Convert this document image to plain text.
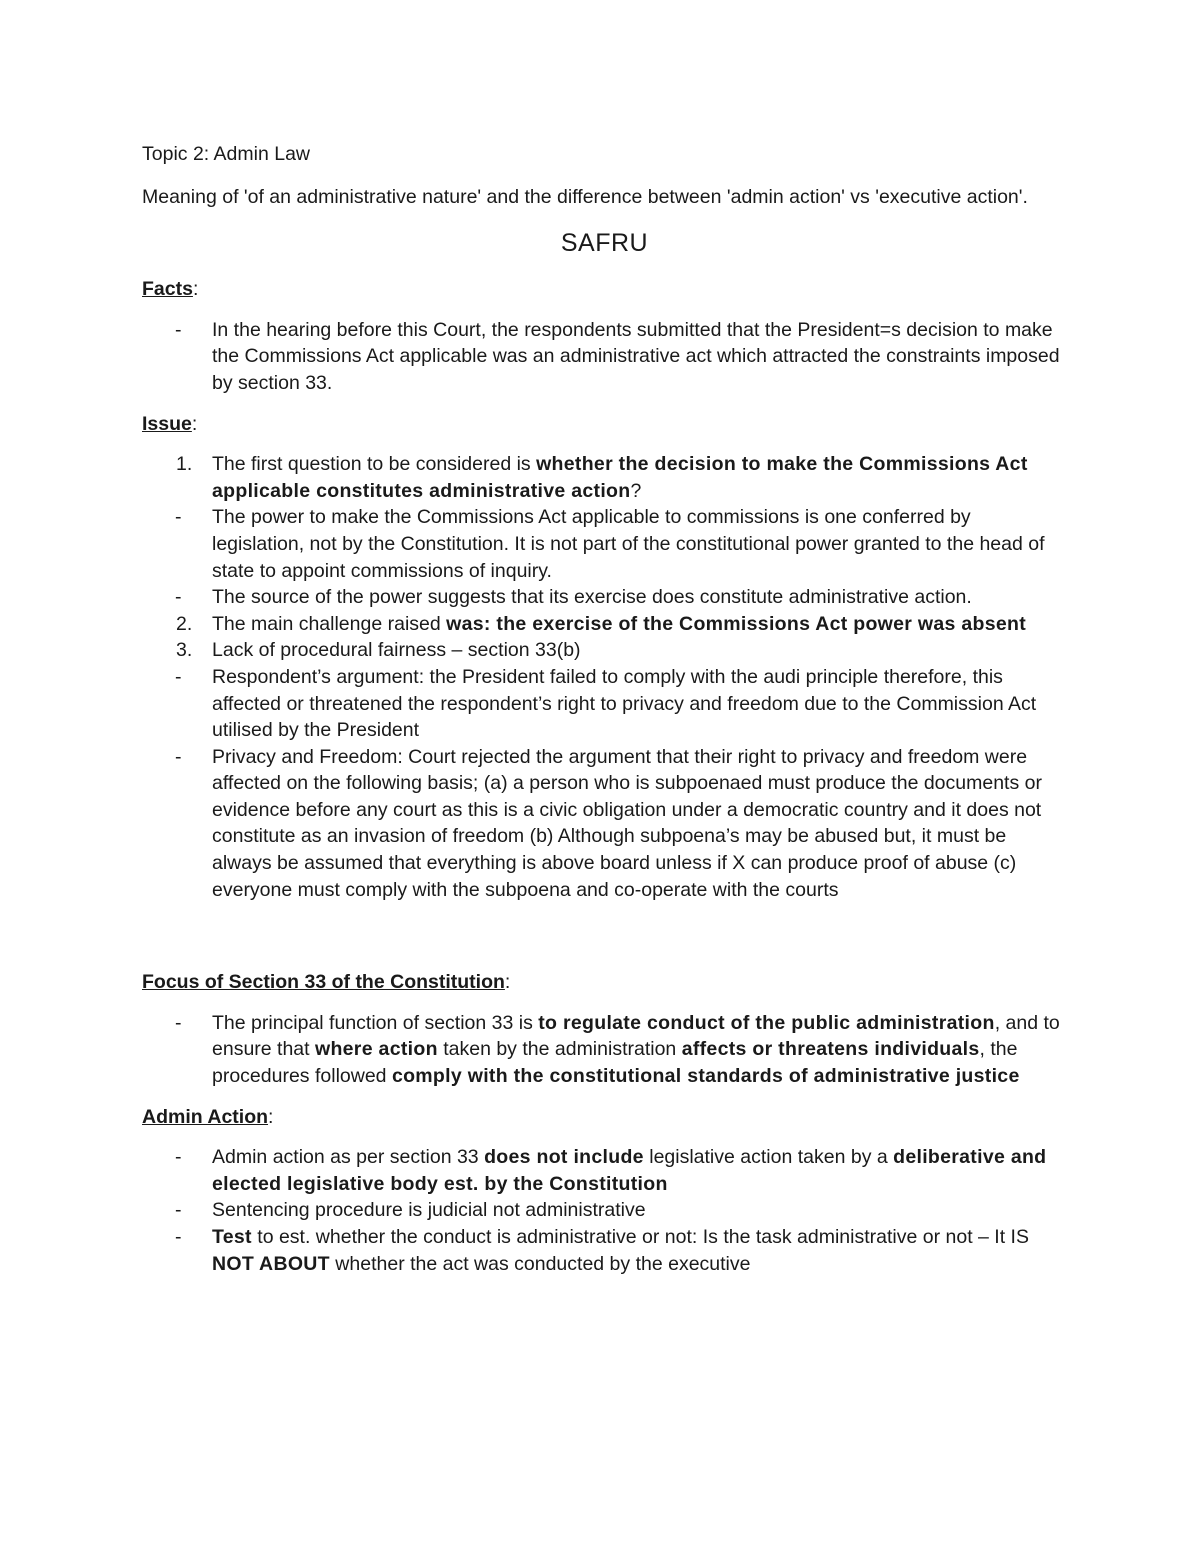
Topic 2: Admin Law

Meaning of 'of an administrative nature' and the difference between 'admin action' vs 'executive action'.

SAFRU

Facts:

-	In the hearing before this Court, the respondents submitted that the President=s decision to make the Commissions Act applicable was an administrative act which attracted the constraints imposed by section 33.

Issue:

1.	The first question to be considered is whether the decision to make the Commissions Act applicable constitutes administrative action?
-	The power to make the Commissions Act applicable to commissions is one conferred by legislation, not by the Constitution. It is not part of the constitutional power granted to the head of state to appoint commissions of inquiry.
-	The source of the power suggests that its exercise does constitute administrative action.
2.	The main challenge raised was: the exercise of the Commissions Act power was absent
3.	Lack of procedural fairness – section 33(b)
-	Respondent’s argument: the President failed to comply with the audi principle therefore, this affected or threatened the respondent’s right to privacy and freedom due to the Commission Act utilised by the President
-	Privacy and Freedom: Court rejected the argument that their right to privacy and freedom were affected on the following basis; (a) a person who is subpoenaed must produce the documents or evidence before any court as this is a civic obligation under a democratic country and it does not constitute as an invasion of freedom (b) Although subpoena’s may be abused but, it must be always be assumed that everything is above board unless if X can produce proof of abuse (c) everyone must comply with the subpoena and co-operate with the courts

Focus of Section 33 of the Constitution:

-	The principal function of section 33 is to regulate conduct of the public administration, and to ensure that where action taken by the administration affects or threatens individuals, the procedures followed comply with the constitutional standards of administrative justice

Admin Action:

-	Admin action as per section 33 does not include legislative action taken by a deliberative and elected legislative body est. by the Constitution
-	Sentencing procedure is judicial not administrative
-	Test to est. whether the conduct is administrative or not: Is the task administrative or not – It IS NOT ABOUT whether the act was conducted by the executive
